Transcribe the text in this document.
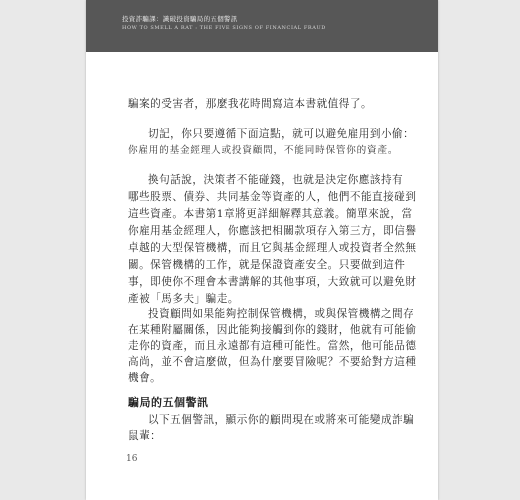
投資詐騙課：識破投資騙局的五個警訊
HOW TO SMELL A RAT : THE FIVE SIGNS OF FINANCIAL FRAUD
騙案的受害者，那麼我花時間寫這本書就值得了。
切記，你只要遵循下面這點，就可以避免雇用到小偷：
你雇用的基金經理人或投資顧問，不能同時保管你的資產。
換句話說，決策者不能碰錢，也就是決定你應該持有
哪些股票、債券、共同基金等資產的人，他們不能直接碰到
這些資產。本書第1章將更詳細解釋其意義。簡單來說，當
你雇用基金經理人，你應該把相關款項存入第三方，即信譽
卓越的大型保管機構，而且它與基金經理人或投資者全然無
關。保管機構的工作，就是保證資產安全。只要做到這件
事，即使你不理會本書講解的其他事項，大致就可以避免財
產被「馬多夫」騙走。
投資顧問如果能夠控制保管機構，或與保管機構之間存
在某種附屬關係，因此能夠接觸到你的錢財，他就有可能偷
走你的資產，而且永遠都有這種可能性。當然，他可能品德
高尚，並不會這麼做，但為什麼要冒險呢？不要給對方這種
機會。
騙局的五個警訊
以下五個警訊，顯示你的顧問現在或將來可能變成詐騙
鼠輩：
16
